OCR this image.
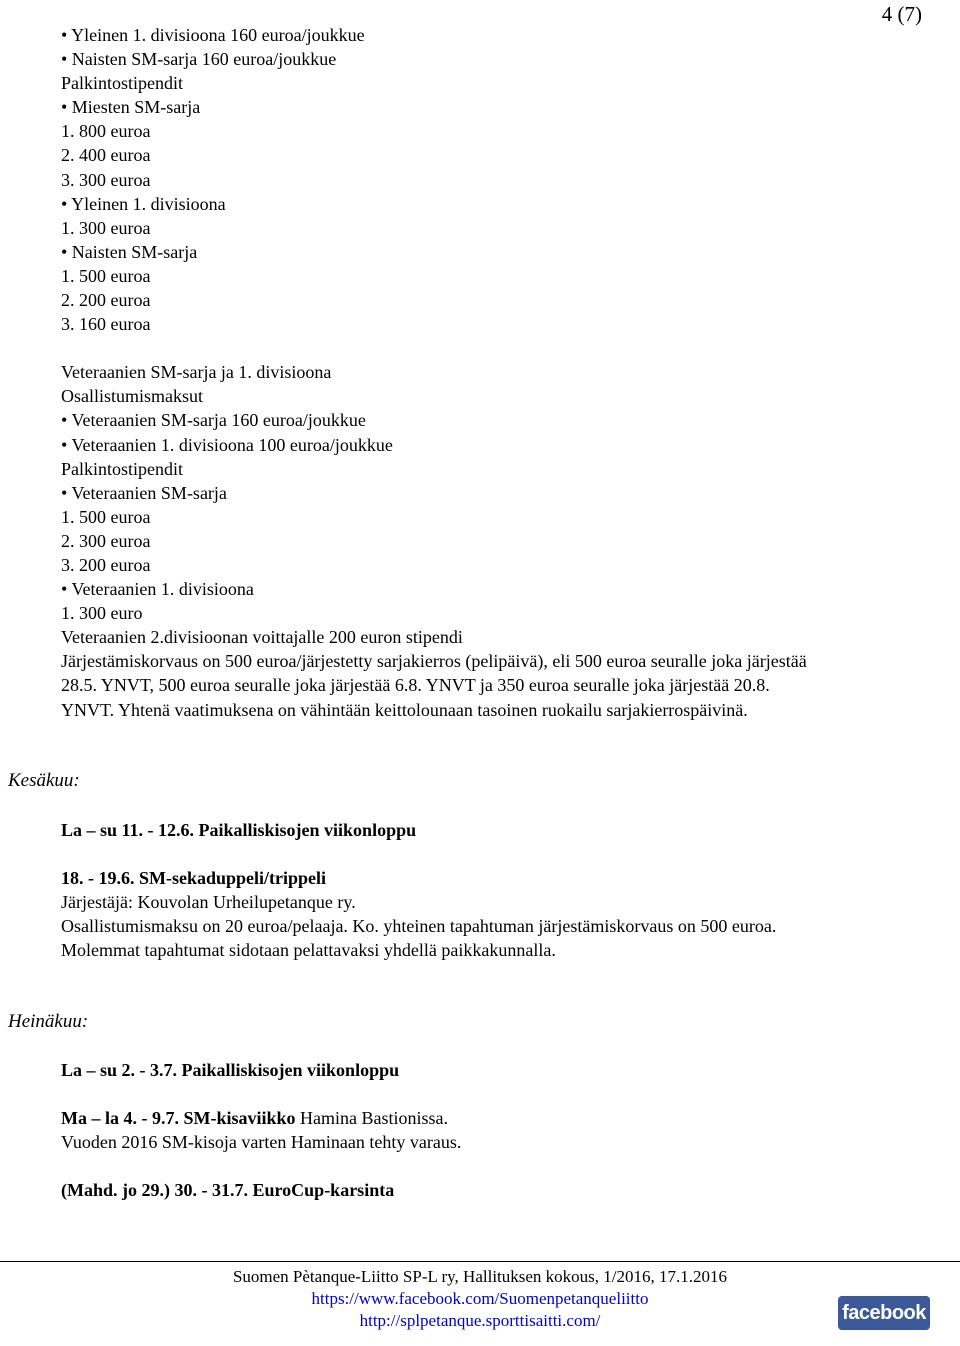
4 (7)
• Yleinen 1. divisioona 160 euroa/joukkue
• Naisten SM-sarja 160 euroa/joukkue
Palkintostipendit
• Miesten SM-sarja
1. 800 euroa
2. 400 euroa
3. 300 euroa
• Yleinen 1. divisioona
1. 300 euroa
• Naisten SM-sarja
1. 500 euroa
2. 200 euroa
3. 160 euroa
Veteraanien SM-sarja ja 1. divisioona
Osallistumismaksut
• Veteraanien SM-sarja 160 euroa/joukkue
• Veteraanien 1. divisioona 100 euroa/joukkue
Palkintostipendit
• Veteraanien SM-sarja
1. 500 euroa
2. 300 euroa
3. 200 euroa
• Veteraanien 1. divisioona
1. 300 euro
Veteraanien 2.divisioonan voittajalle 200 euron stipendi
Järjestämiskorvaus on 500 euroa/järjestetty sarjakierros (pelipäivä), eli 500 euroa seuralle joka järjestää
28.5. YNVT, 500 euroa seuralle joka järjestää 6.8. YNVT ja 350 euroa seuralle joka järjestää 20.8.
YNVT. Yhtenä vaatimuksena on vähintään keittolounaan tasoinen ruokailu sarjakierrospäivinä.
Kesäkuu:
La – su 11. - 12.6. Paikalliskisojen viikonloppu
18. - 19.6. SM-sekaduppeli/trippeli
Järjestäjä: Kouvolan Urheilupetanque ry.
Osallistumismaksu on 20 euroa/pelaaja. Ko. yhteinen tapahtuman järjestämiskorvaus on 500 euroa.
Molemmat tapahtumat sidotaan pelattavaksi yhdellä paikkakunnalla.
Heinäkuu:
La – su 2. - 3.7. Paikalliskisojen viikonloppu
Ma – la 4. - 9.7. SM-kisaviikko Hamina Bastionissa.
Vuoden 2016 SM-kisoja varten Haminaan tehty varaus.
(Mahd. jo 29.) 30. - 31.7. EuroCup-karsinta
Suomen Pètanque-Liitto SP-L ry, Hallituksen kokous, 1/2016, 17.1.2016
https://www.facebook.com/Suomenpetanqueliitto
http://splpetanque.sporttisaitti.com/	facebook
